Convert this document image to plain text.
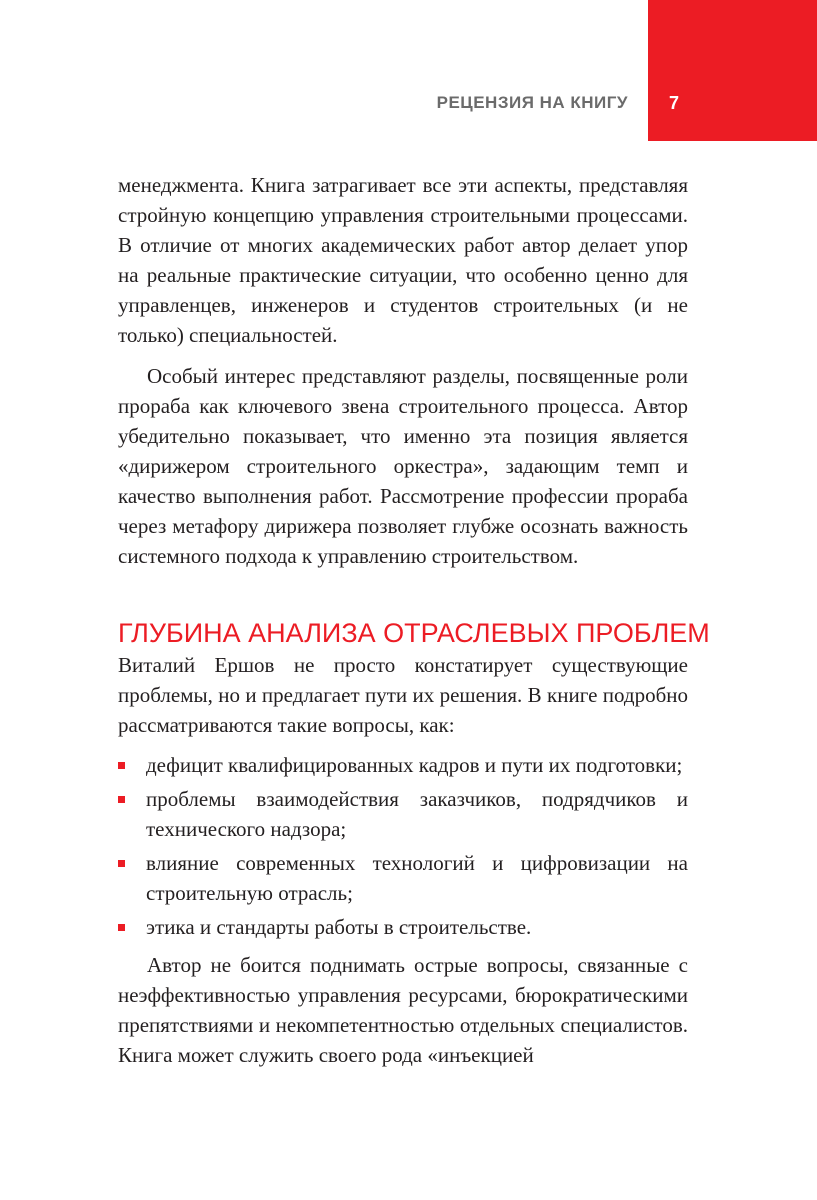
7
РЕЦЕНЗИЯ НА КНИГУ

менеджмента. Книга затрагивает все эти аспекты, представляя стройную концепцию управления строительными процессами. В отличие от многих академических работ автор делает упор на реальные практические ситуации, что особенно ценно для управленцев, инженеров и студентов строительных (и не только) специальностей.

Особый интерес представляют разделы, посвященные роли прораба как ключевого звена строительного процесса. Автор убедительно показывает, что именно эта позиция является «дирижером строительного оркестра», задающим темп и качество выполнения работ. Рассмотрение профессии прораба через метафору дирижера позволяет глубже осознать важность системного подхода к управлению строительством.

ГЛУБИНА АНАЛИЗА ОТРАСЛЕВЫХ ПРОБЛЕМ

Виталий Ершов не просто констатирует существующие проблемы, но и предлагает пути их решения. В книге подробно рассматриваются такие вопросы, как:

дефицит квалифицированных кадров и пути их подготовки;
проблемы взаимодействия заказчиков, подрядчиков и технического надзора;
влияние современных технологий и цифровизации на строительную отрасль;
этика и стандарты работы в строительстве.

Автор не боится поднимать острые вопросы, связанные с неэффективностью управления ресурсами, бюрократическими препятствиями и некомпетентностью отдельных специалистов. Книга может служить своего рода «инъекцией
